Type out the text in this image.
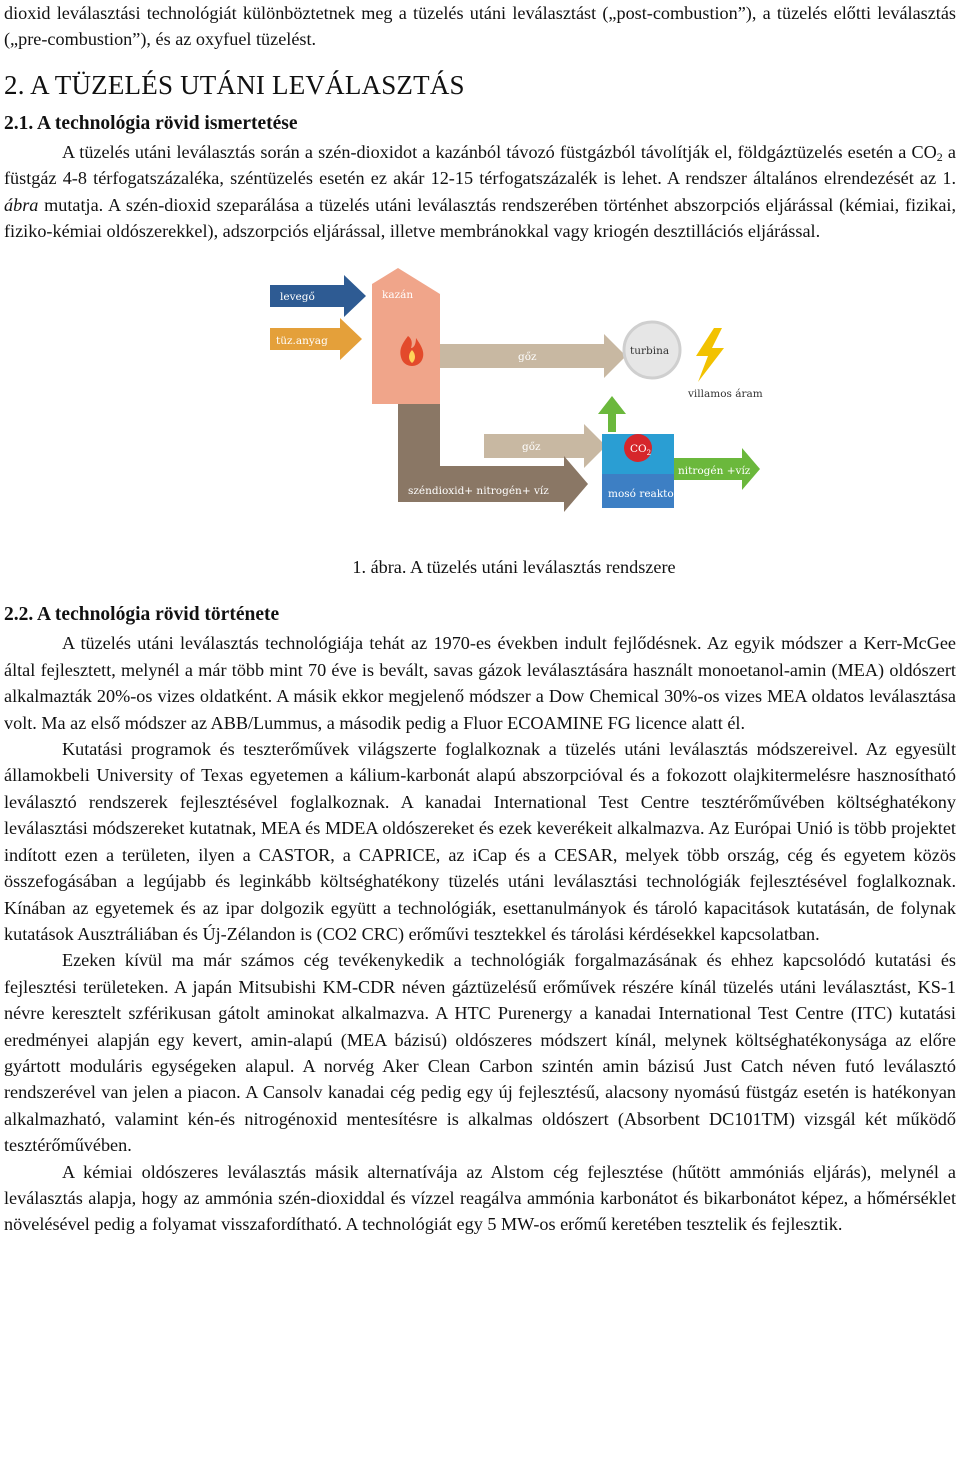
dioxid leválasztási technológiát különböztetnek meg a tüzelés utáni leválasztást („post-combustion”), a tüzelés előtti leválasztás („pre-combustion”), és az oxyfuel tüzelést.

2. A TÜZELÉS UTÁNI LEVÁLASZTÁS
2.1. A technológia rövid ismertetése

A tüzelés utáni leválasztás során a szén-dioxidot a kazánból távozó füstgázból távolítják el, földgáztüzelés esetén a $CO_2$ a füstgáz 4-8 térfogatszázaléka, széntüzelés esetén ez akár 12-15 térfogatszázalék is lehet. A rendszer általános elrendezését az 1. ábra mutatja. A szén-dioxid szeparálása a tüzelés utáni leválasztás rendszerében történhet abszorpciós eljárással (kémiai, fizikai, fiziko-kémiai oldószerekkel), adszorpciós eljárással, illetve membránokkal vagy kriogén desztillációs eljárással.

levegő
tüz.anyag
kazán
gőz	turbina
villamos áram
gőz
széndioxid+ nitrogén+ víz
$CO_2$
mosó reaktor
nitrogén +víz
1. ábra. A tüzelés utáni leválasztás rendszere
2.2. A technológia rövid története

A tüzelés utáni leválasztás technológiája tehát az 1970-es években indult fejlődésnek. Az egyik módszer a Kerr-McGee által fejlesztett, melynél a már több mint 70 éve is bevált, savas gázok leválasztására használt monoetanol-amin (MEA) oldószert alkalmazták 20%-os vizes oldatként. A másik ekkor megjelenő módszer a Dow Chemical 30%-os vizes MEA oldatos leválasztása volt. Ma az első módszer az ABB/Lummus, a második pedig a Fluor ECOAMINE FG licence alatt él.

Kutatási programok és teszterőművek világszerte foglalkoznak a tüzelés utáni leválasztás módszereivel. Az egyesült államokbeli University of Texas egyetemen a kálium-karbonát alapú abszorpcióval és a fokozott olajkitermelésre hasznosítható leválasztó rendszerek fejlesztésével foglalkoznak. A kanadai International Test Centre tesztérőművében költséghatékony leválasztási módszereket kutatnak, MEA és MDEA oldószereket és ezek keverékeit alkalmazva. Az Európai Unió is több projektet indított ezen a területen, ilyen a CASTOR, a CAPRICE, az iCap és a CESAR, melyek több ország, cég és egyetem közös összefogásában a legújabb és leginkább költséghatékony tüzelés utáni leválasztási technológiák fejlesztésével foglalkoznak. Kínában az egyetemek és az ipar dolgozik együtt a technológiák, esettanulmányok és tároló kapacitások kutatásán, de folynak kutatások Ausztráliában és Új-Zélandon is (CO2 CRC) erőművi tesztekkel és tárolási kérdésekkel kapcsolatban.

Ezeken kívül ma már számos cég tevékenykedik a technológiák forgalmazásának és ehhez kapcsolódó kutatási és fejlesztési területeken. A japán Mitsubishi KM-CDR néven gáztüzelésű erőművek részére kínál tüzelés utáni leválasztást, KS-1 névre keresztelt szférikusan gátolt aminokat alkalmazva. A HTC Purenergy a kanadai International Test Centre (ITC) kutatási eredményei alapján egy kevert, amin-alapú (MEA bázisú) oldószeres módszert kínál, melynek költséghatékonysága az előre gyártott moduláris egységeken alapul. A norvég Aker Clean Carbon szintén amin bázisú Just Catch néven futó leválasztó rendszerével van jelen a piacon. A Cansolv kanadai cég pedig egy új fejlesztésű, alacsony nyomású füstgáz esetén is hatékonyan alkalmazható, valamint kén-és nitrogénoxid mentesítésre is alkalmas oldószert (Absorbent DC101TM) vizsgál két működő tesztérőművében.

A kémiai oldószeres leválasztás másik alternatívája az Alstom cég fejlesztése (hűtött ammóniás eljárás), melynél a leválasztás alapja, hogy az ammónia szén-dioxiddal és vízzel reagálva ammónia karbonátot és bikarbonátot képez, a hőmérséklet növelésével pedig a folyamat visszafordítható. A technológiát egy 5 MW-os erőmű keretében tesztelik és fejlesztik.
